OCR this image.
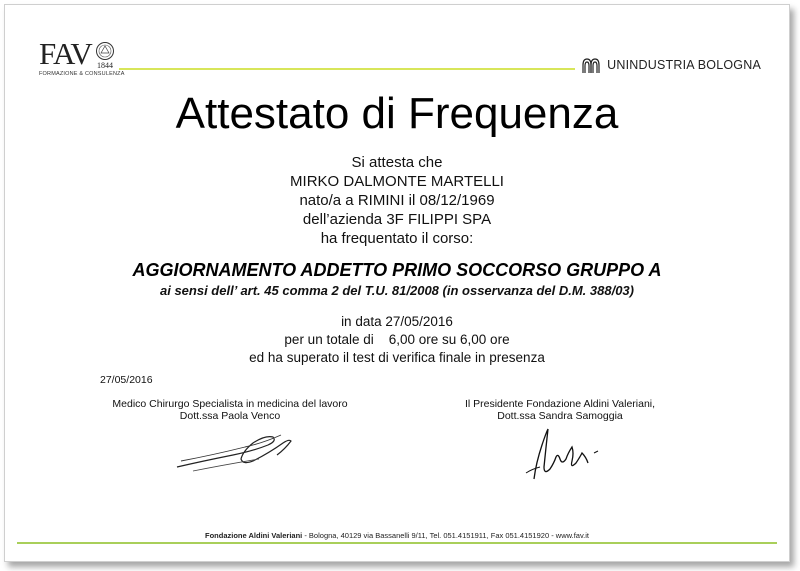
FAV 1844
FORMAZIONE & CONSULENZA
UNINDUSTRIA BOLOGNA
Attestato di Frequenza
Si attesta che
MIRKO DALMONTE MARTELLI
nato/a a RIMINI il 08/12/1969
dell’azienda 3F FILIPPI SPA
ha frequentato il corso:
AGGIORNAMENTO ADDETTO PRIMO SOCCORSO GRUPPO A
ai sensi dell’ art. 45 comma 2 del T.U. 81/2008 (in osservanza del D.M. 388/03)
in data 27/05/2016
per un totale di    6,00 ore su 6,00 ore
ed ha superato il test di verifica finale in presenza
27/05/2016
Medico Chirurgo Specialista in medicina del lavoro
Dott.ssa Paola Venco
Il Presidente Fondazione Aldini Valeriani,
Dott.ssa Sandra Samoggia
Fondazione Aldini Valeriani - Bologna, 40129 via Bassanelli 9/11, Tel. 051.4151911, Fax 051.4151920 - www.fav.it
